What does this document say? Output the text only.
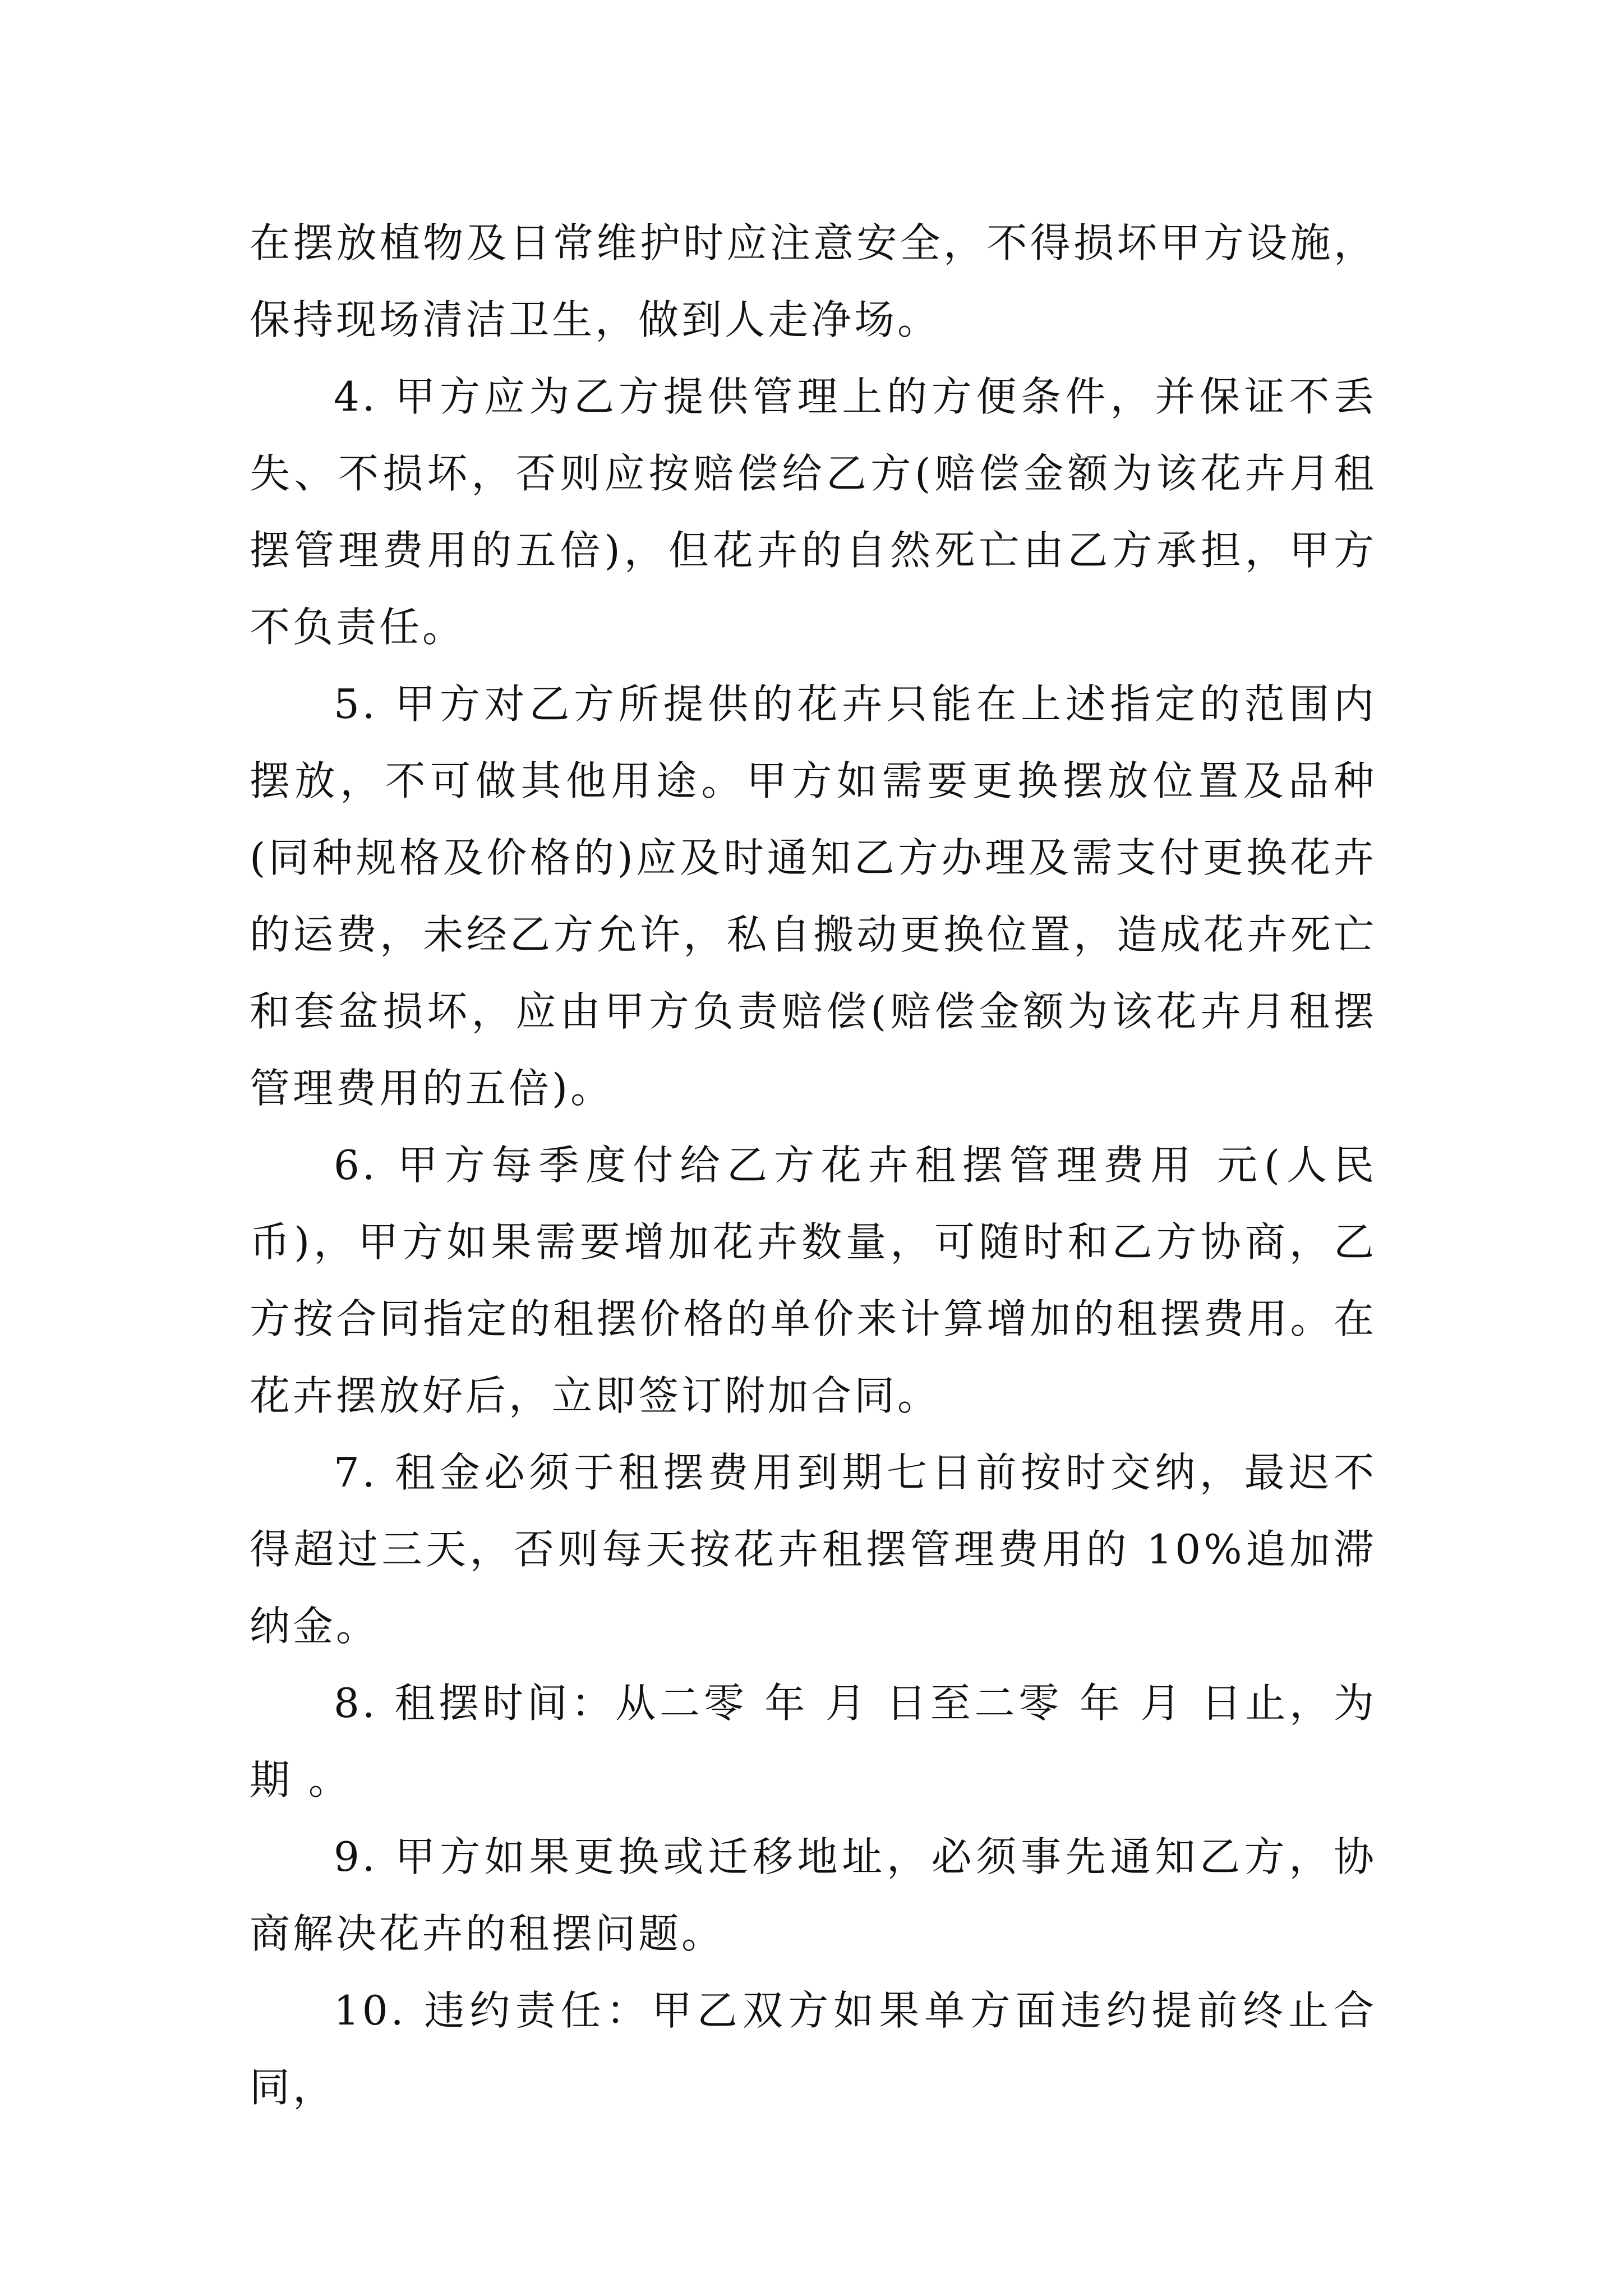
在摆放植物及日常维护时应注意安全，不得损坏甲方设施，保持现场清洁卫生，做到人走净场。

4. 甲方应为乙方提供管理上的方便条件，并保证不丢失、不损坏，否则应按赔偿给乙方(赔偿金额为该花卉月租摆管理费用的五倍)，但花卉的自然死亡由乙方承担，甲方不负责任。

5. 甲方对乙方所提供的花卉只能在上述指定的范围内摆放，不可做其他用途。甲方如需要更换摆放位置及品种(同种规格及价格的)应及时通知乙方办理及需支付更换花卉的运费，未经乙方允许，私自搬动更换位置，造成花卉死亡和套盆损坏，应由甲方负责赔偿(赔偿金额为该花卉月租摆管理费用的五倍)。

6. 甲方每季度付给乙方花卉租摆管理费用 元(人民币)，甲方如果需要增加花卉数量，可随时和乙方协商，乙方按合同指定的租摆价格的单价来计算增加的租摆费用。在花卉摆放好后，立即签订附加合同。

7. 租金必须于租摆费用到期七日前按时交纳，最迟不得超过三天，否则每天按花卉租摆管理费用的 10%追加滞纳金。

8. 租摆时间：从二零 年 月 日至二零 年 月 日止，为期 。

9. 甲方如果更换或迁移地址，必须事先通知乙方，协商解决花卉的租摆问题。

10. 违约责任：甲乙双方如果单方面违约提前终止合同，
